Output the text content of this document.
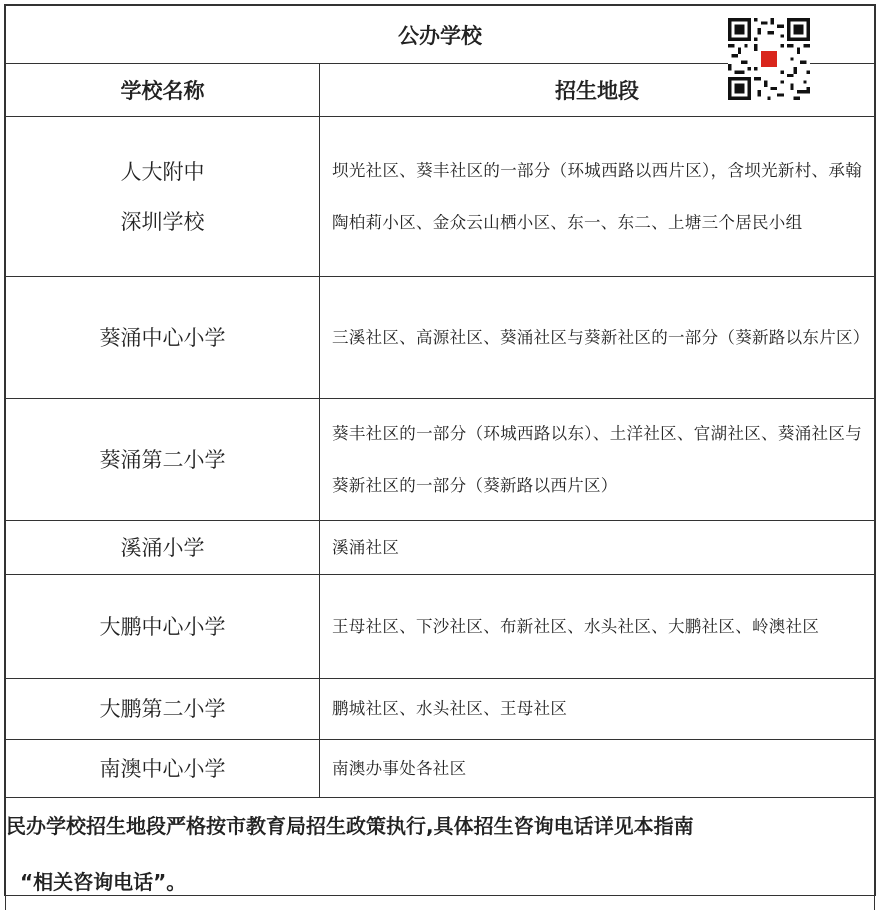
公办学校	

学校名称	招生地段

人大附中
深圳学校	坝光社区、葵丰社区的一部分（环城西路以西片区），含坝光新村、承翰陶柏莉小区、金众云山栖小区、东一、东二、上塘三个居民小组
葵涌中心小学	三溪社区、高源社区、葵涌社区与葵新社区的一部分（葵新路以东片区）
葵涌第二小学	葵丰社区的一部分（环城西路以东）、土洋社区、官湖社区、葵涌社区与葵新社区的一部分（葵新路以西片区）
溪涌小学	溪涌社区
大鹏中心小学	王母社区、下沙社区、布新社区、水头社区、大鹏社区、岭澳社区
大鹏第二小学	鹏城社区、水头社区、王母社区
南澳中心小学	南澳办事处各社区
民办学校招生地段严格按市教育局招生政策执行,具体招生咨询电话详见本指南
“相关咨询电话”。	
